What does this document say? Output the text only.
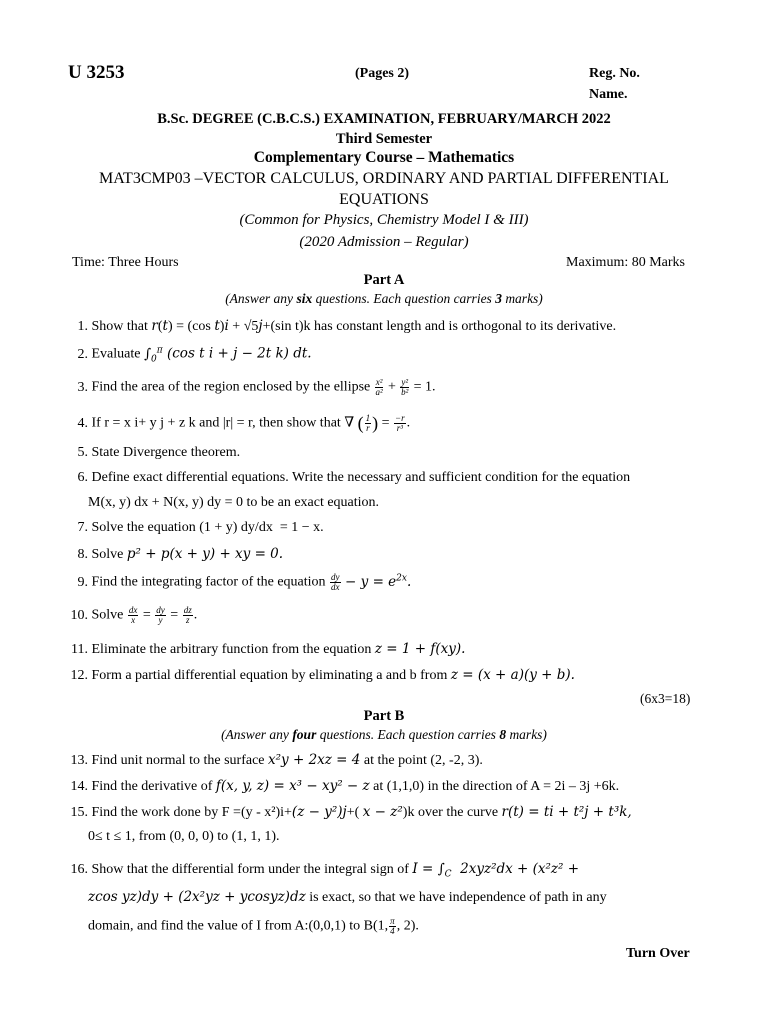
U 3253	(Pages 2)	Reg. No.
Name.
B.Sc. DEGREE (C.B.C.S.) EXAMINATION, FEBRUARY/MARCH 2022
Third Semester
Complementary Course – Mathematics
MAT3CMP03 –VECTOR CALCULUS, ORDINARY AND PARTIAL DIFFERENTIAL
EQUATIONS
(Common for Physics, Chemistry Model I & III)
(2020 Admission – Regular)
Time: Three Hours	Maximum: 80 Marks
Part A
(Answer any six questions. Each question carries 3 marks)
1. Show that r(t) = (cos t)i + √5j+(sin t)k has constant length and is orthogonal to its derivative.
2. Evaluate $\int_0^\pi$ (cos t i + j − 2t k) dt.
3. Find the area of the region enclosed by the ellipse $\frac{\text{x²}}{\text{a²}} + \frac{\text{y²}}{\text{b²}} = 1$.
4. If r = x i+ y j + z k and |r| = r, then show that ∇ ( $\frac{1}{r}$ ) = $\frac{-r}{\text{r³}}$ .
5. State Divergence theorem.
6. Define exact differential equations. Write the necessary and sufficient condition for the equation
M(x, y) dx + N(x, y) dy = 0 to be an exact equation.
7. Solve the equation (1 + y) dy/dx  = 1 − x.
8. Solve p² + p(x + y) + xy = 0.
9. Find the integrating factor of the equation $\frac{dy}{dx} - y = e^{2x}$.
10. Solve $\frac{dx}{x} = \frac{dy}{y} = \frac{dz}{z}$ .
11. Eliminate the arbitrary function from the equation z = 1 + f(xy).
12. Form a partial differential equation by eliminating a and b from z = (x + a)(y + b).
(6x3=18)
Part B
(Answer any four questions. Each question carries 8 marks)
13. Find unit normal to the surface x²y + 2xz = 4 at the point (2, -2, 3).
14. Find the derivative of f(x, y, z) = x³ − xy² − z at (1,1,0) in the direction of A = 2i – 3j +6k.
15. Find the work done by F =(y - x²)i+(z − y²)j+( x − z²)k over the curve r(t) = ti + t²j + t³k,
0≤ t ≤ 1, from (0, 0, 0) to (1, 1, 1).
16. Show that the differential form under the integral sign of $I = \int_C$  2xyz²dx + (x²z² +
zcos yz)dy + (2x²yz + ycosyz)dz is exact, so that we have independence of path in any
domain, and find the value of I from A:(0,0,1) to B(1, $\frac{\pi}{4}$ , 2).
Turn Over
